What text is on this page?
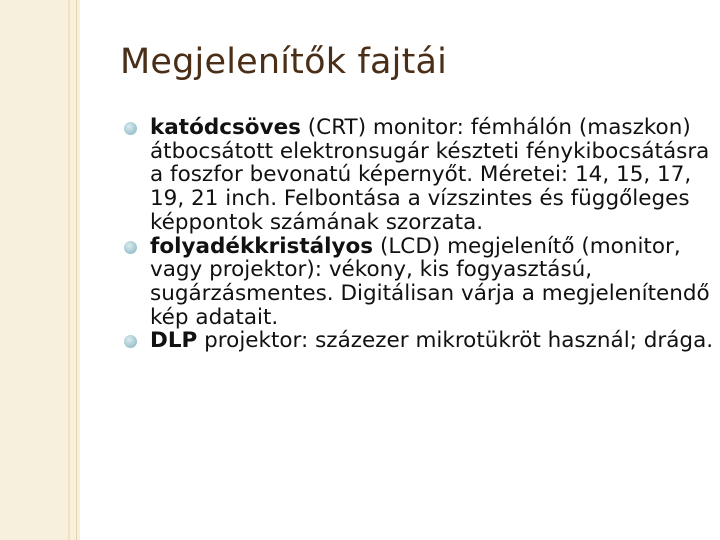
Megjelenítők fajtái
katódcsöves (CRT) monitor: fémhálón (maszkon) átbocsátott elektronsugár készteti fénykibocsátásra a foszfor bevonatú képernyőt. Méretei: 14, 15, 17, 19, 21 inch. Felbontása a vízszintes és függőleges képpontok számának szorzata.
folyadékkristályos (LCD) megjelenítő (monitor, vagy projektor): vékony, kis fogyasztású, sugárzásmentes. Digitálisan várja a megjelenítendő kép adatait.
DLP projektor: százezer mikrotükröt használ; drága.
